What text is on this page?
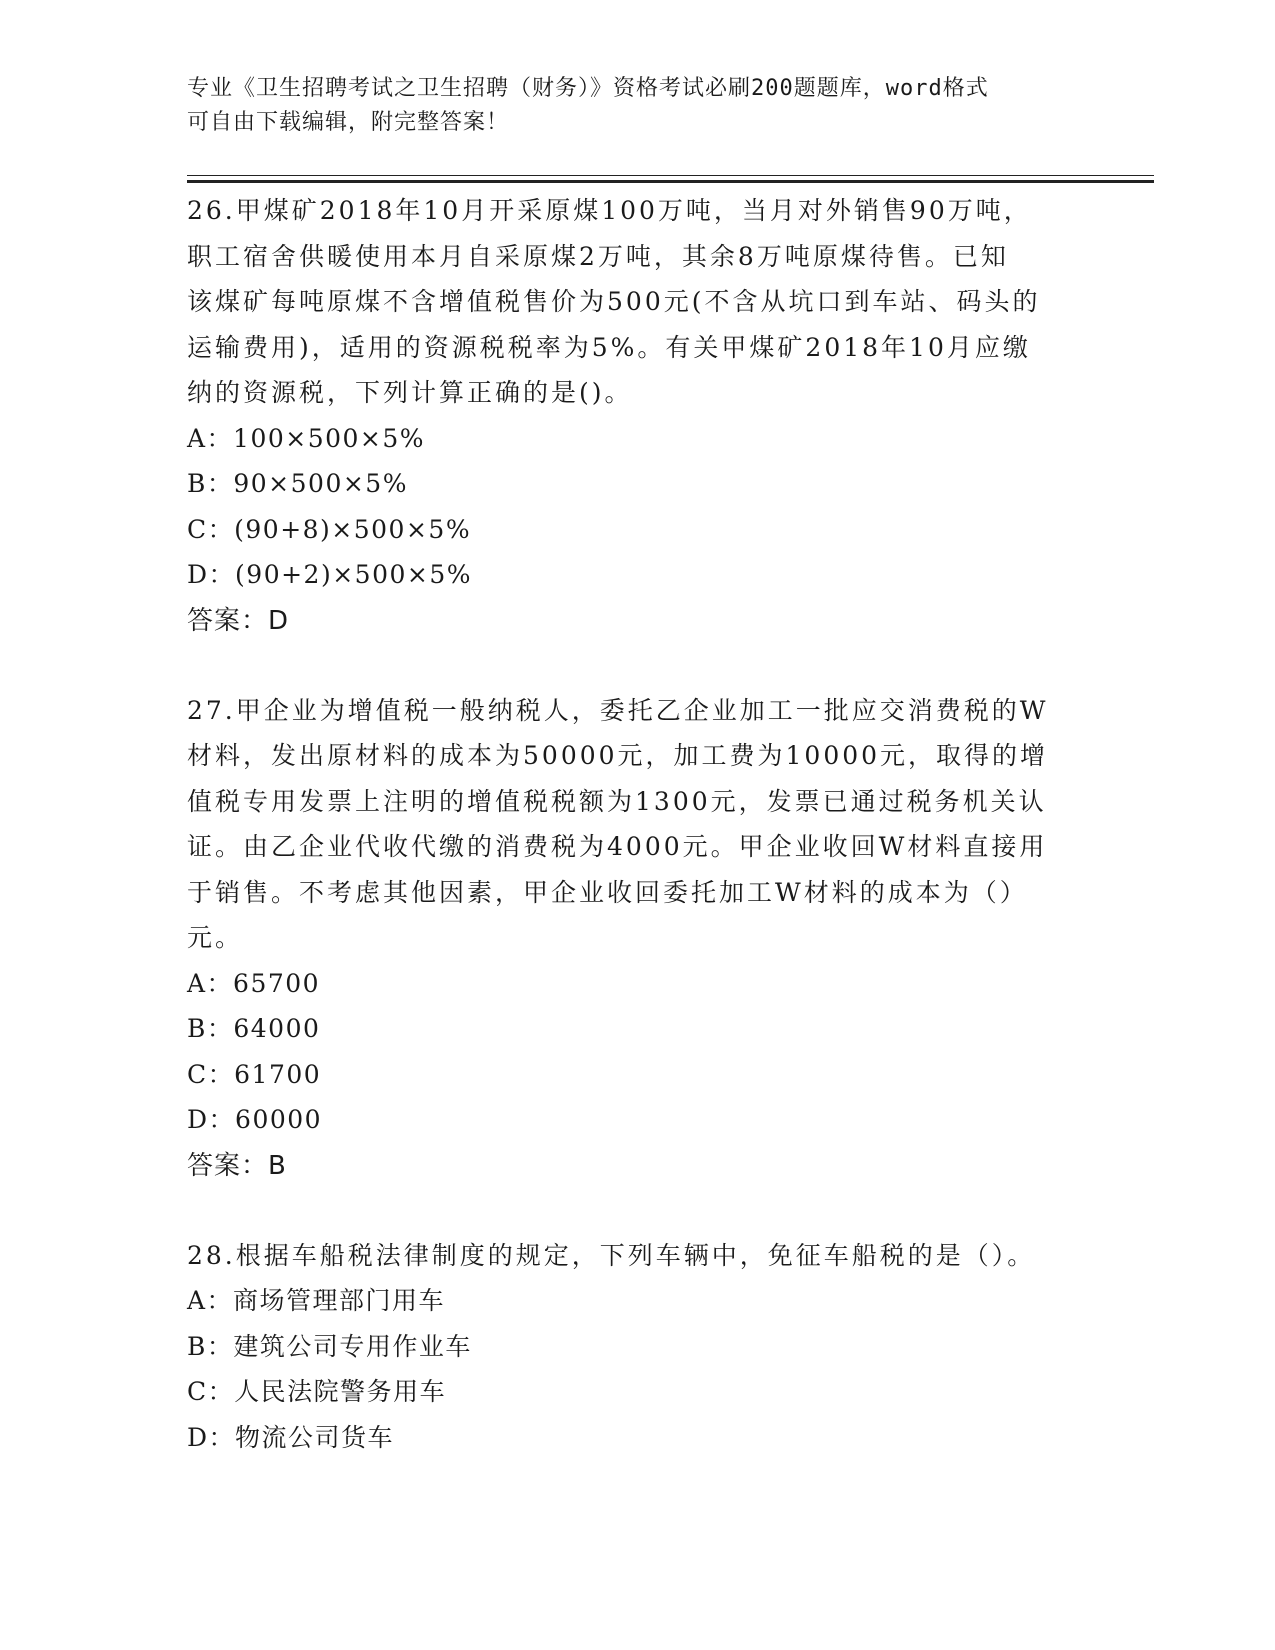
专业《卫生招聘考试之卫生招聘（财务）》资格考试必刷200题题库，word格式
可自由下载编辑，附完整答案！
26.甲煤矿2018年10月开采原煤100万吨，当月对外销售90万吨，
职工宿舍供暖使用本月自采原煤2万吨，其余8万吨原煤待售。已知
该煤矿每吨原煤不含增值税售价为500元(不含从坑口到车站、码头的
运输费用)，适用的资源税税率为5%。有关甲煤矿2018年10月应缴
纳的资源税，下列计算正确的是()。
A：100×500×5%
B：90×500×5%
C：(90+8)×500×5%
D：(90+2)×500×5%
答案：D
27.甲企业为增值税一般纳税人，委托乙企业加工一批应交消费税的W
材料，发出原材料的成本为50000元，加工费为10000元，取得的增
值税专用发票上注明的增值税税额为1300元，发票已通过税务机关认
证。由乙企业代收代缴的消费税为4000元。甲企业收回W材料直接用
于销售。不考虑其他因素，甲企业收回委托加工W材料的成本为（）
元。
A：65700
B：64000
C：61700
D：60000
答案：B
28.根据车船税法律制度的规定，下列车辆中，免征车船税的是（）。
A：商场管理部门用车
B：建筑公司专用作业车
C：人民法院警务用车
D：物流公司货车
